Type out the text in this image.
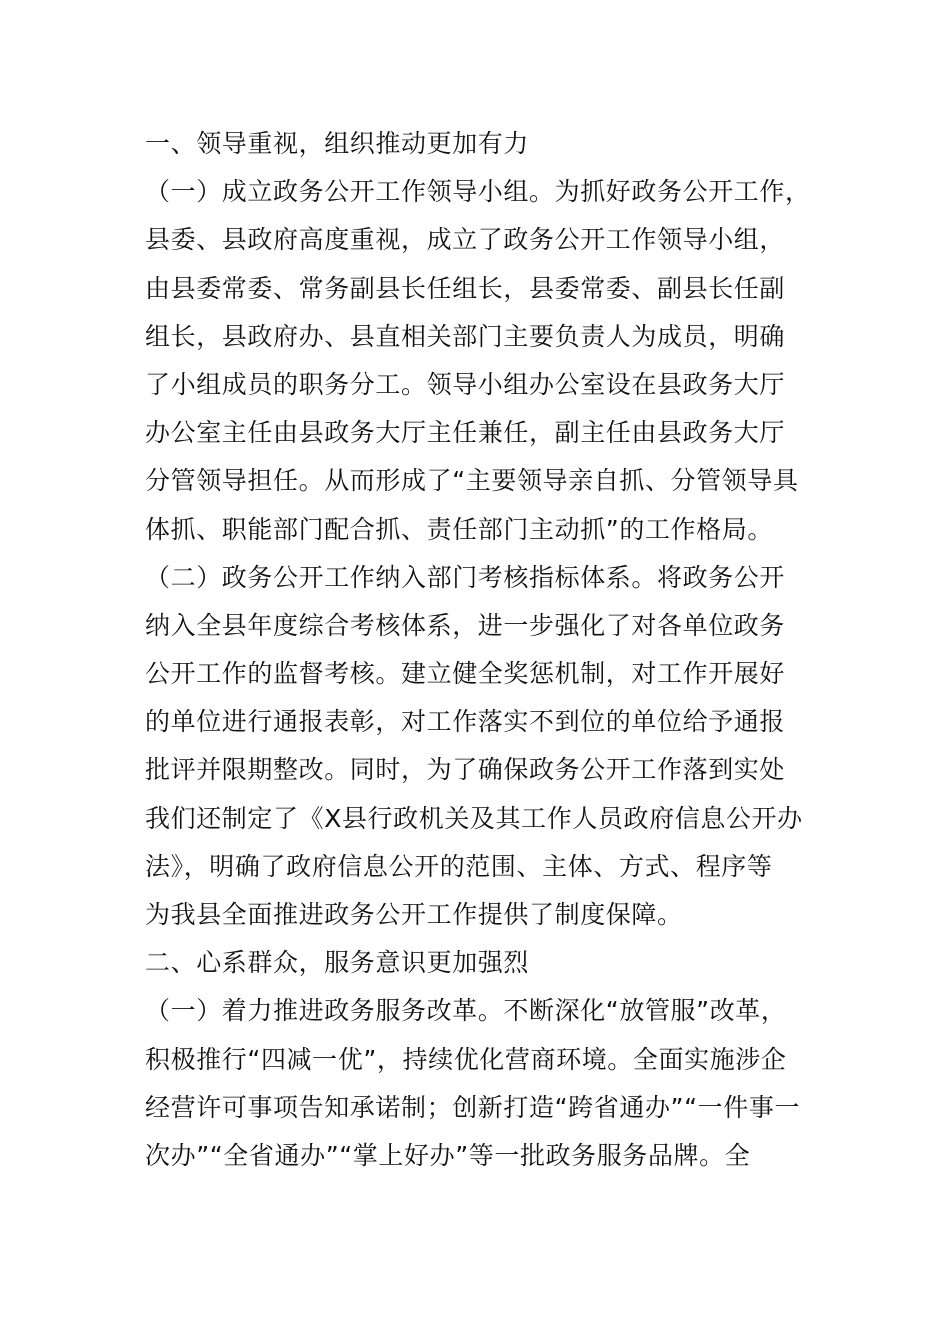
一、领导重视，组织推动更加有力
（一）成立政务公开工作领导小组。为抓好政务公开工作，
县委、县政府高度重视，成立了政务公开工作领导小组，
由县委常委、常务副县长任组长，县委常委、副县长任副
组长，县政府办、县直相关部门主要负责人为成员，明确
了小组成员的职务分工。领导小组办公室设在县政务大厅
办公室主任由县政务大厅主任兼任，副主任由县政务大厅
分管领导担任。从而形成了“主要领导亲自抓、分管领导具
体抓、职能部门配合抓、责任部门主动抓”的工作格局。
（二）政务公开工作纳入部门考核指标体系。将政务公开
纳入全县年度综合考核体系，进一步强化了对各单位政务
公开工作的监督考核。建立健全奖惩机制，对工作开展好
的单位进行通报表彰，对工作落实不到位的单位给予通报
批评并限期整改。同时，为了确保政务公开工作落到实处
我们还制定了《X县行政机关及其工作人员政府信息公开办
法》，明确了政府信息公开的范围、主体、方式、程序等
为我县全面推进政务公开工作提供了制度保障。
二、心系群众，服务意识更加强烈
（一）着力推进政务服务改革。不断深化“放管服”改革，
积极推行“四减一优”，持续优化营商环境。全面实施涉企
经营许可事项告知承诺制；创新打造“跨省通办”“一件事一
次办”“全省通办”“掌上好办”等一批政务服务品牌。全
